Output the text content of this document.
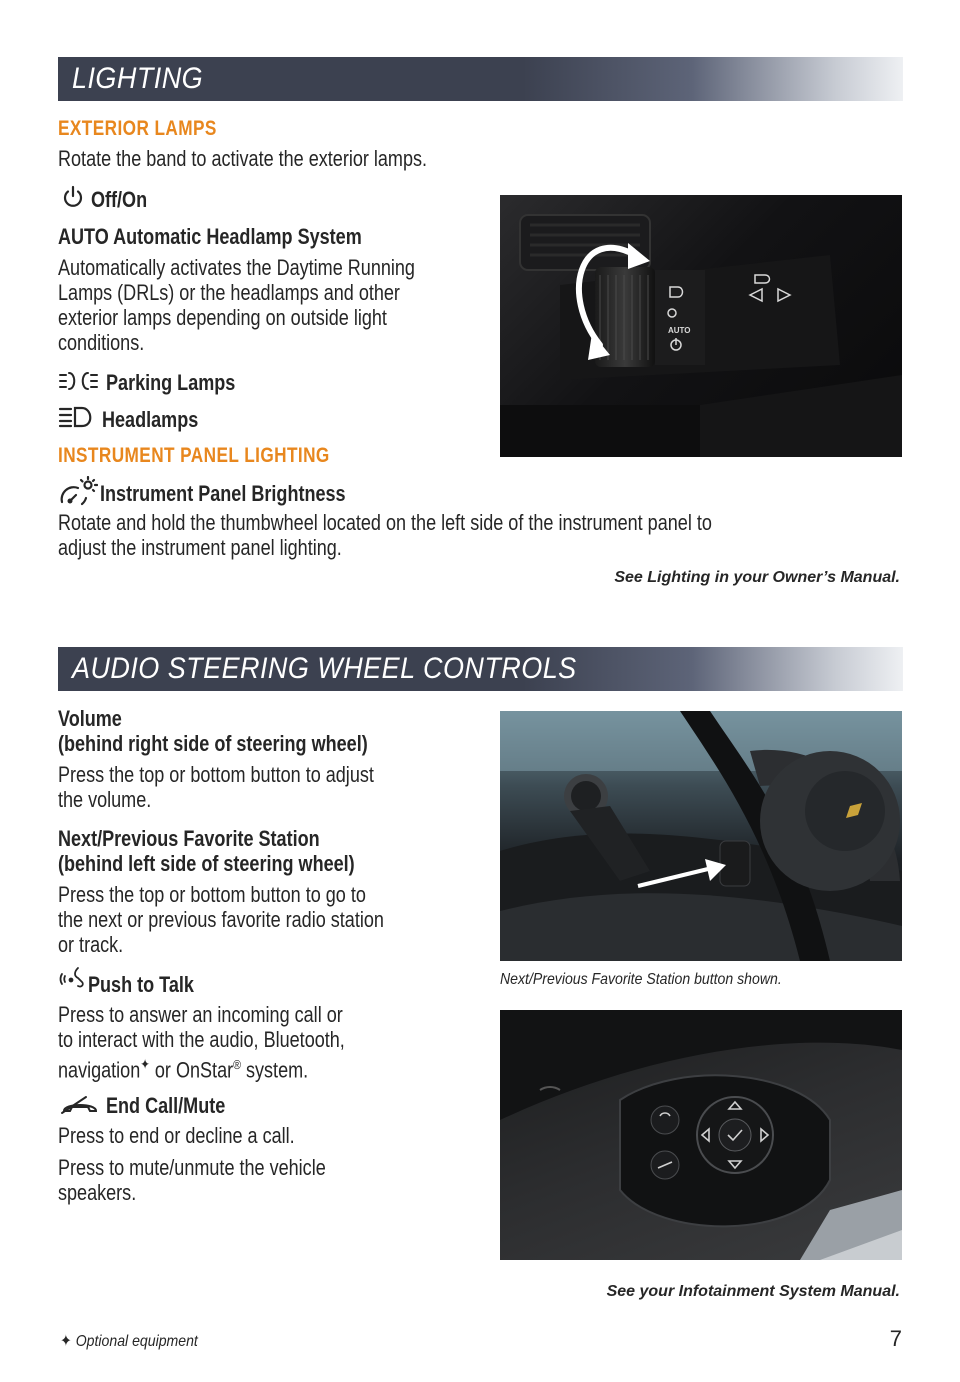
LIGHTING
EXTERIOR LAMPS
Rotate the band to activate the exterior lamps.
Off/On
AUTO Automatic Headlamp System
Automatically activates the Daytime Running
Lamps (DRLs) or the headlamps and other
exterior lamps depending on outside light
conditions.
Parking Lamps
Headlamps
INSTRUMENT PANEL LIGHTING
Instrument Panel Brightness
Rotate and hold the thumbwheel located on the left side of the instrument panel to
adjust the instrument panel lighting.
See Lighting in your Owner’s Manual.
AUTO
AUDIO STEERING WHEEL CONTROLS
Volume
(behind right side of steering wheel)
Press the top or bottom button to adjust
the volume.
Next/Previous Favorite Station
(behind left side of steering wheel)
Press the top or bottom button to go to
the next or previous favorite radio station
or track.
Push to Talk
Press to answer an incoming call or
to interact with the audio, Bluetooth,
navigation✦ or OnStar® system.
End Call/Mute
Press to end or decline a call.
Press to mute/unmute the vehicle
speakers.
Next/Previous Favorite Station button shown.
See your Infotainment System Manual.
✦ Optional equipment	7
